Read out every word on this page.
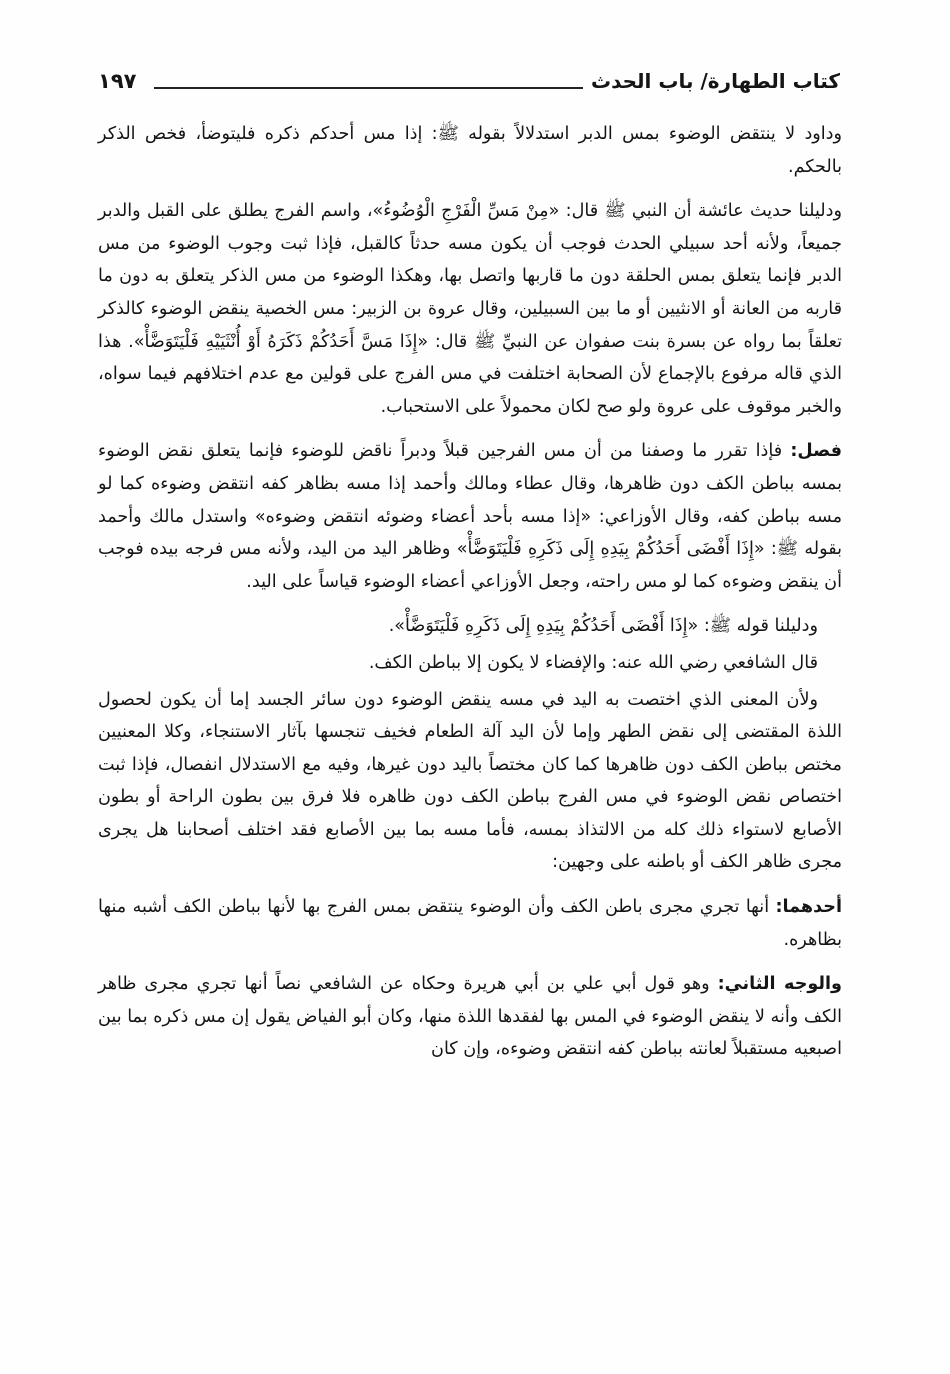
كتاب الطهارة/ باب الحدث
١٩٧

وداود لا ينتقض الوضوء بمس الدبر استدلالاً بقوله ﷺ: إذا مس أحدكم ذكره فليتوضأ، فخص الذكر بالحكم.

ودليلنا حديث عائشة أن النبي ﷺ قال: «مِنْ مَسِّ الْفَرْجِ الْوُضُوءُ»، واسم الفرج يطلق على القبل والدبر جميعاً، ولأنه أحد سبيلي الحدث فوجب أن يكون مسه حدثاً كالقبل، فإذا ثبت وجوب الوضوء من مس الدبر فإنما يتعلق بمس الحلقة دون ما قاربها واتصل بها، وهكذا الوضوء من مس الذكر يتعلق به دون ما قاربه من العانة أو الانثيين أو ما بين السبيلين، وقال عروة بن الزبير: مس الخصية ينقض الوضوء كالذكر تعلقاً بما رواه عن بسرة بنت صفوان عن النبيِّ ﷺ قال: «إِذَا مَسَّ أَحَدُكُمْ ذَكَرَهُ أَوْ أُنْثَيَيْهِ فَلْيَتَوَضَّأْ». هذا الذي قاله مرفوع بالإجماع لأن الصحابة اختلفت في مس الفرج على قولين مع عدم اختلافهم فيما سواه، والخبر موقوف على عروة ولو صح لكان محمولاً على الاستحباب.

فصل: فإذا تقرر ما وصفنا من أن مس الفرجين قبلاً ودبراً ناقض للوضوء فإنما يتعلق نقض الوضوء بمسه بباطن الكف دون ظاهرها، وقال عطاء ومالك وأحمد إذا مسه بظاهر كفه انتقض وضوءه كما لو مسه بباطن كفه، وقال الأوزاعي: «إذا مسه بأحد أعضاء وضوئه انتقض وضوءه» واستدل مالك وأحمد بقوله ﷺ: «إِذَا أَفْضَى أَحَدُكُمْ بِيَدِهِ إِلَى ذَكَرِهِ فَلْيَتَوَضَّأْ» وظاهر اليد من اليد، ولأنه مس فرجه بيده فوجب أن ينقض وضوءه كما لو مس راحته، وجعل الأوزاعي أعضاء الوضوء قياساً على اليد.

ودليلنا قوله ﷺ: «إِذَا أَفْضَى أَحَدُكُمْ بِيَدِهِ إِلَى ذَكَرِهِ فَلْيَتَوَضَّأْ».

قال الشافعي رضي الله عنه: والإفضاء لا يكون إلا بباطن الكف.

ولأن المعنى الذي اختصت به اليد في مسه ينقض الوضوء دون سائر الجسد إما أن يكون لحصول اللذة المقتضى إلى نقض الطهر وإما لأن اليد آلة الطعام فخيف تنجسها بآثار الاستنجاء، وكلا المعنيين مختص بباطن الكف دون ظاهرها كما كان مختصاً باليد دون غيرها، وفيه مع الاستدلال انفصال، فإذا ثبت اختصاص نقض الوضوء في مس الفرج بباطن الكف دون ظاهره فلا فرق بين بطون الراحة أو بطون الأصابع لاستواء ذلك كله من الالتذاذ بمسه، فأما مسه بما بين الأصابع فقد اختلف أصحابنا هل يجرى مجرى ظاهر الكف أو باطنه على وجهين:

أحدهما: أنها تجري مجرى باطن الكف وأن الوضوء ينتقض بمس الفرج بها لأنها بباطن الكف أشبه منها بظاهره.

والوجه الثاني: وهو قول أبي علي بن أبي هريرة وحكاه عن الشافعي نصاً أنها تجري مجرى ظاهر الكف وأنه لا ينقض الوضوء في المس بها لفقدها اللذة منها، وكان أبو الفياض يقول إن مس ذكره بما بين اصبعيه مستقبلاً لعانته بباطن كفه انتقض وضوءه، وإن كان
